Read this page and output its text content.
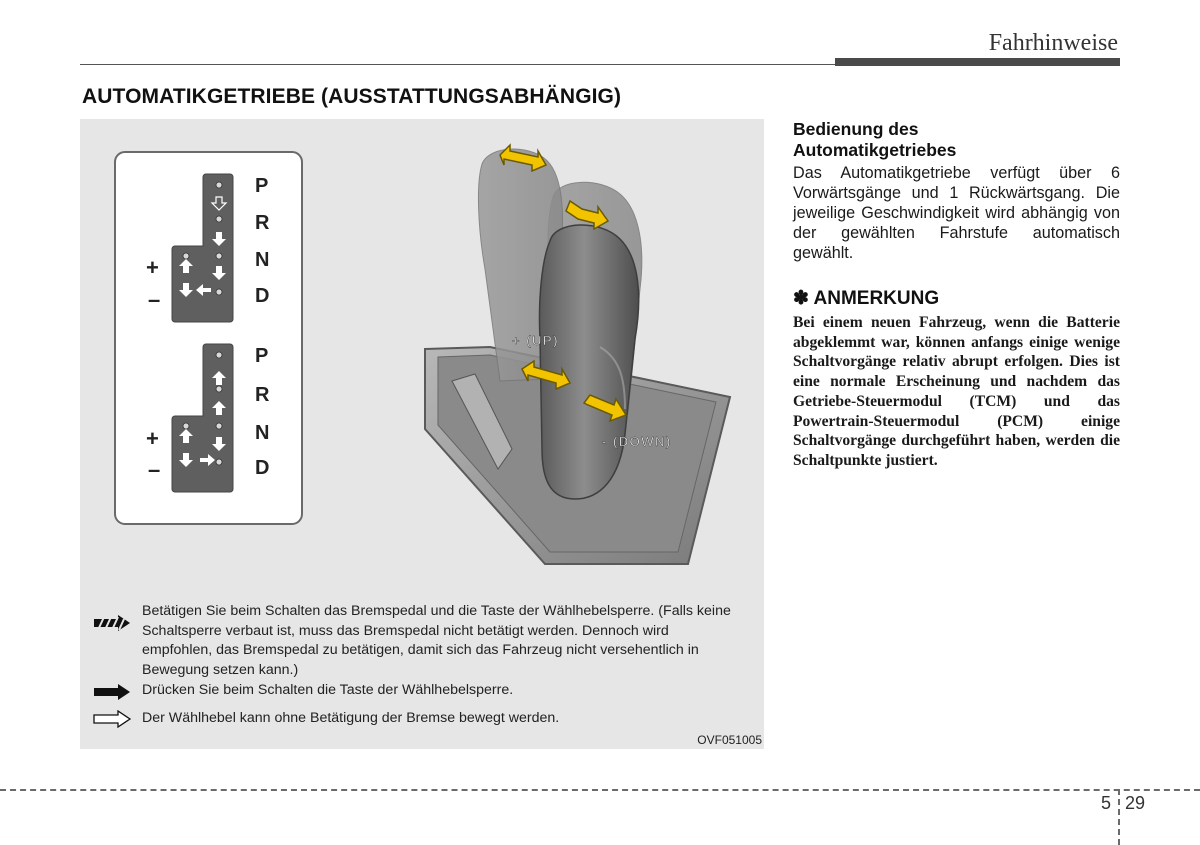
Fahrhinweise
AUTOMATIKGETRIEBE (AUSSTATTUNGSABHÄNGIG)
P
R
N
D
P
R
N
D
+
–
+
–
+ (UP)
- (DOWN)
Betätigen Sie beim Schalten das Bremspedal und die Taste der Wählhebelsperre. (Falls keine Schaltsperre verbaut ist, muss das Bremspedal nicht betätigt werden. Dennoch wird empfohlen, das Bremspedal zu betätigen, damit sich das Fahrzeug nicht versehentlich in Bewegung setzen kann.)
Drücken Sie beim Schalten die Taste der Wählhebelsperre.
Der Wählhebel kann ohne Betätigung der Bremse bewegt werden.
OVF051005
Bedienung des Automatikgetriebes
Das Automatikgetriebe verfügt über 6 Vorwärtsgänge und 1 Rückwärtsgang. Die jeweilige Geschwindigkeit wird abhängig von der gewählten Fahrstufe automatisch gewählt.
✽ ANMERKUNG
Bei einem neuen Fahrzeug, wenn die Batterie abgeklemmt war, können anfangs einige wenige Schaltvorgänge relativ abrupt erfolgen. Dies ist eine normale Erscheinung und nachdem das Getriebe-Steuermodul (TCM) und das Powertrain-Steuermodul (PCM) einige Schaltvorgänge durchgeführt haben, werden die Schaltpunkte justiert.
5 29
